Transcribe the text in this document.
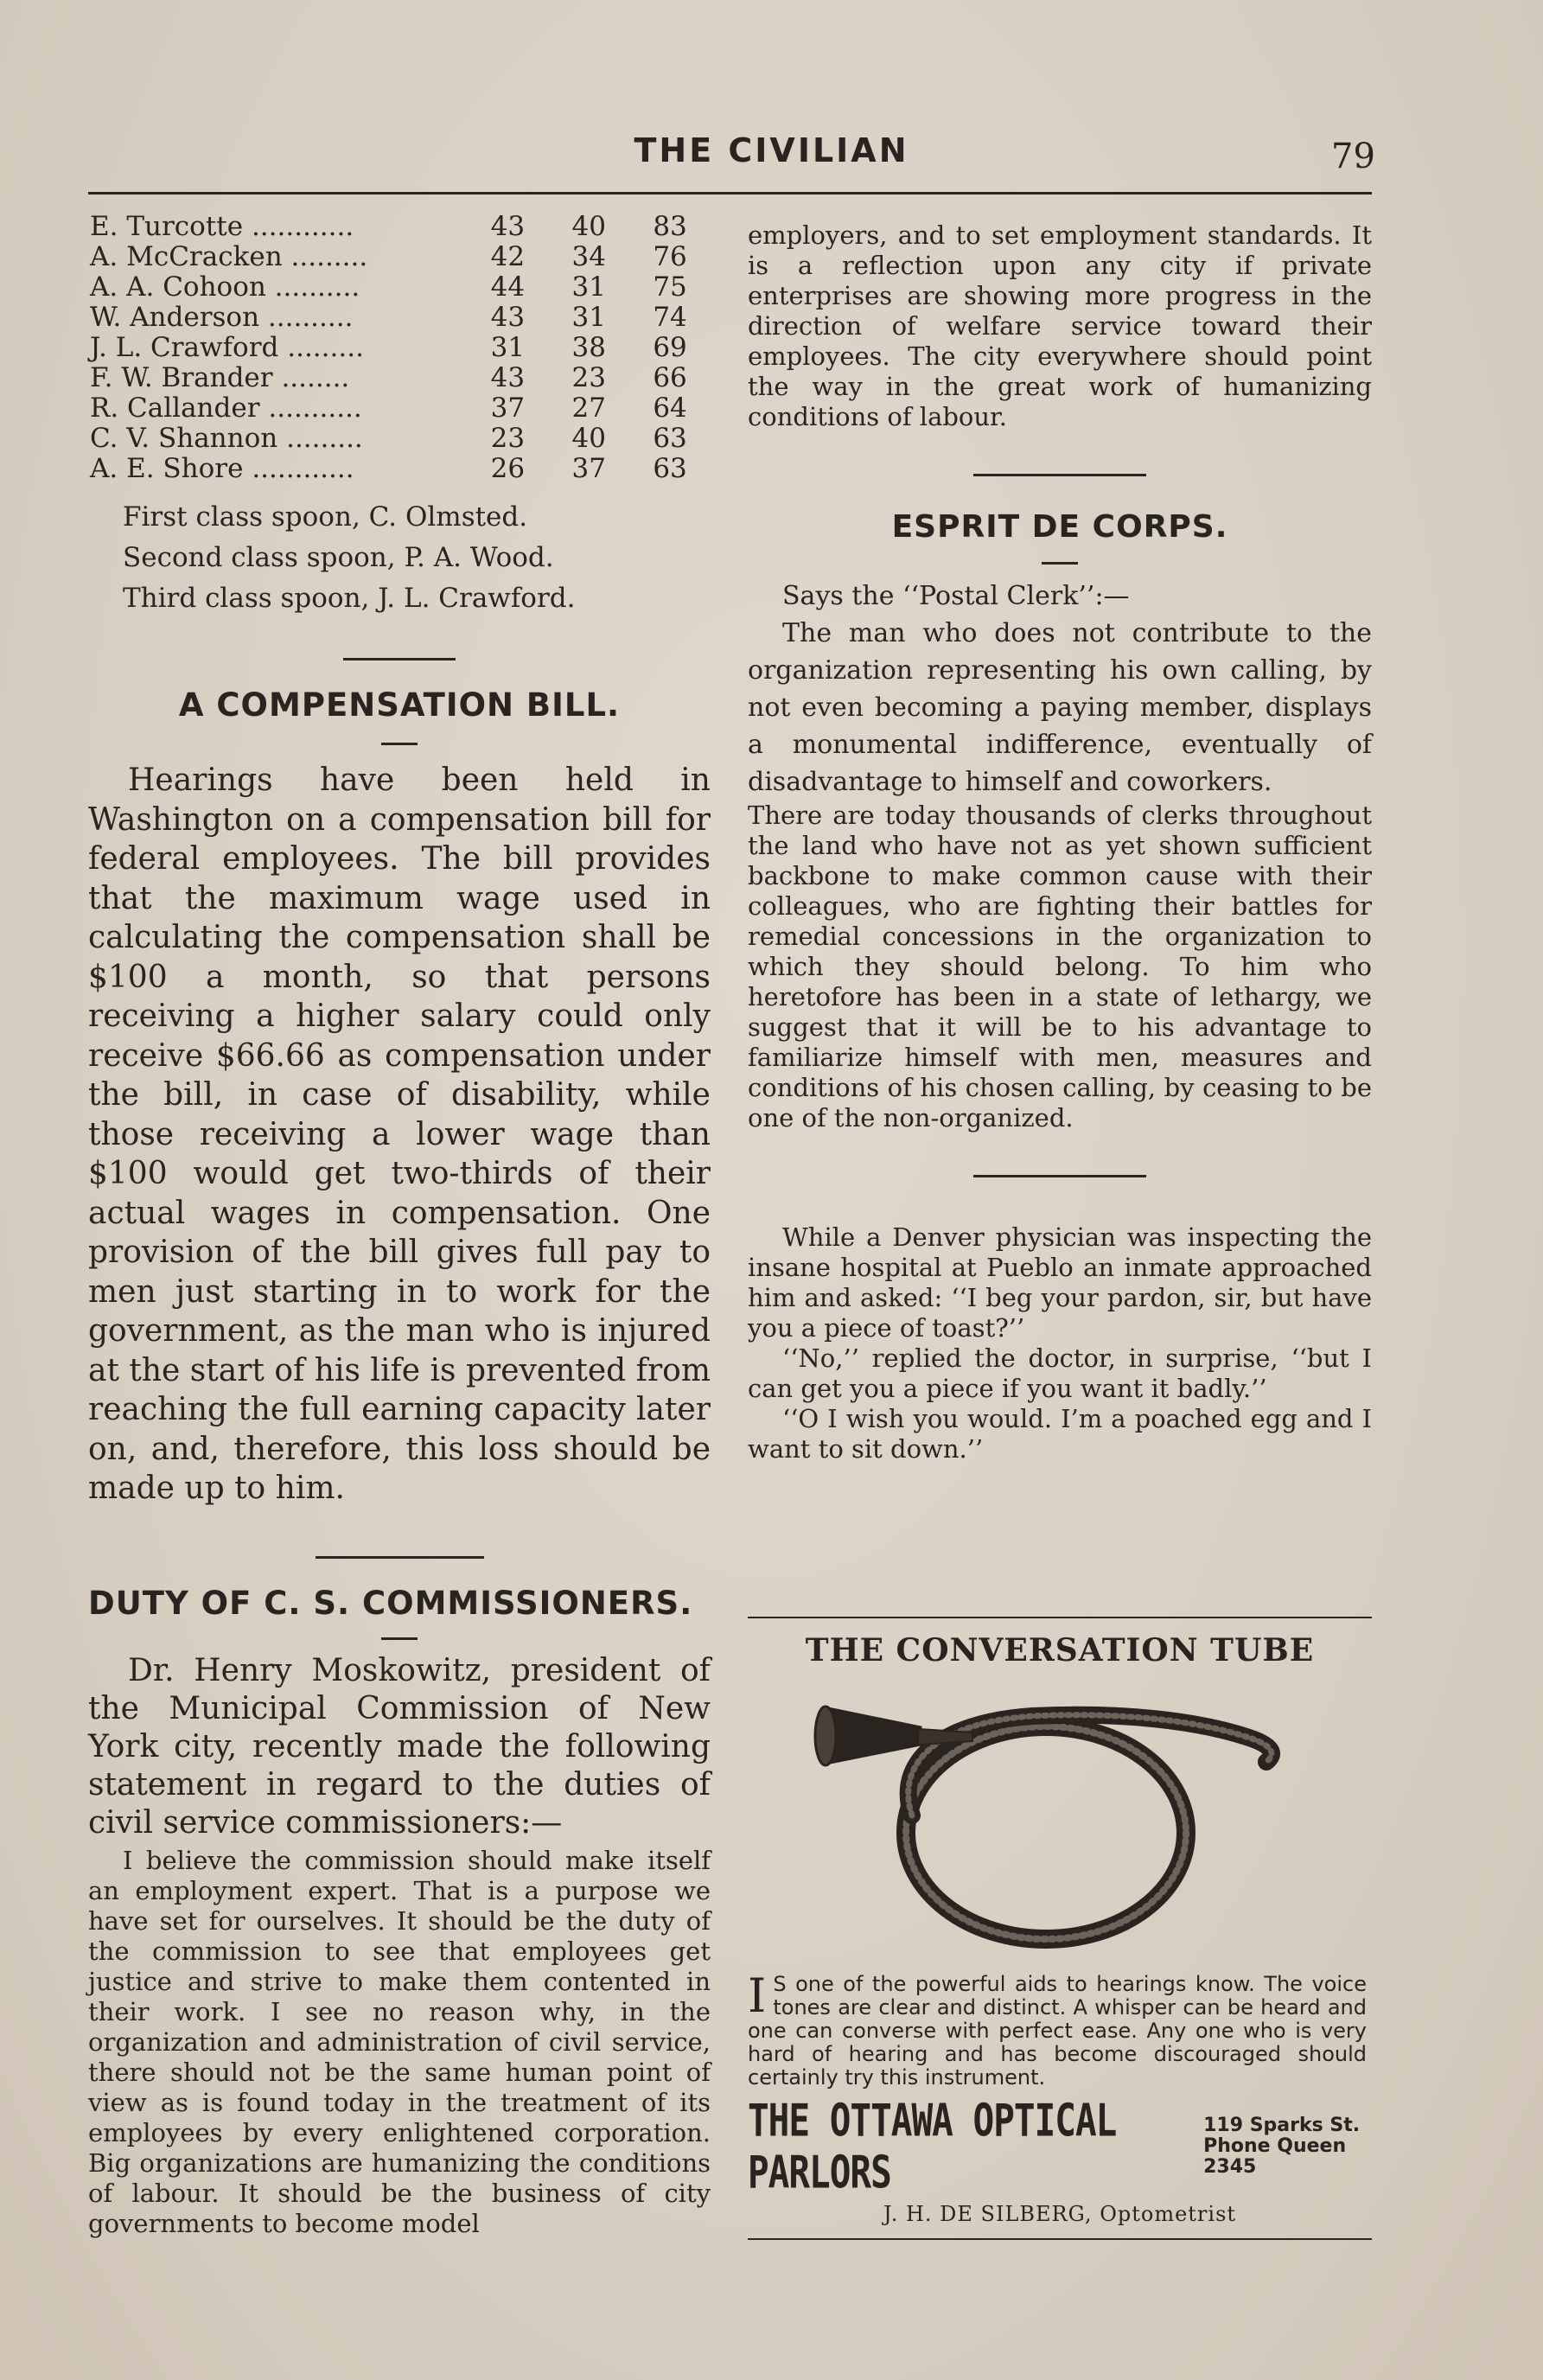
THE CIVILIAN	79
E. Turcotte ............	43	40	83
A. McCracken .........	42	34	76
A. A. Cohoon ..........	44	31	75
W. Anderson ..........	43	31	74
J. L. Crawford .........	31	38	69
F. W. Brander ........	43	23	66
R. Callander ...........	37	27	64
C. V. Shannon .........	23	40	63
A. E. Shore ............	26	37	63
First class spoon, C. Olmsted.
Second class spoon, P. A. Wood.
Third class spoon, J. L. Crawford.
A COMPENSATION BILL.

Hearings have been held in Washington on a compensation bill for federal employees. The bill provides that the maximum wage used in calculating the compensation shall be $100 a month, so that persons receiving a higher salary could only receive $66.66 as compensation under the bill, in case of disability, while those receiving a lower wage than $100 would get two-thirds of their actual wages in compensation. One provision of the bill gives full pay to men just starting in to work for the government, as the man who is injured at the start of his life is prevented from reaching the full earning capacity later on, and, therefore, this loss should be made up to him.

DUTY OF C. S. COMMISSIONERS.

Dr. Henry Moskowitz, president of the Municipal Commission of New York city, recently made the following statement in regard to the duties of civil service commissioners:—

I believe the commission should make itself an employment expert. That is a purpose we have set for ourselves. It should be the duty of the commission to see that employees get justice and strive to make them contented in their work. I see no reason why, in the organization and administration of civil service, there should not be the same human point of view as is found today in the treatment of its employees by every enlightened corporation. Big organizations are humanizing the conditions of labour. It should be the business of city governments to become model

employers, and to set employment standards. It is a reflection upon any city if private enterprises are showing more progress in the direction of welfare service toward their employees. The city everywhere should point the way in the great work of humanizing conditions of labour.

ESPRIT DE CORPS.

Says the ‘‘Postal Clerk’’:—

The man who does not contribute to the organization representing his own calling, by not even becoming a paying member, displays a monumental indifference, eventually of disadvantage to himself and coworkers.

There are today thousands of clerks throughout the land who have not as yet shown sufficient backbone to make common cause with their colleagues, who are fighting their battles for remedial concessions in the organization to which they should belong. To him who heretofore has been in a state of lethargy, we suggest that it will be to his advantage to familiarize himself with men, measures and conditions of his chosen calling, by ceasing to be one of the non-organized.

While a Denver physician was inspecting the insane hospital at Pueblo an inmate approached him and asked: ‘‘I beg your pardon, sir, but have you a piece of toast?’’

‘‘No,’’ replied the doctor, in surprise, ‘‘but I can get you a piece if you want it badly.’’

‘‘O I wish you would. I’m a poached egg and I want to sit down.’’

THE CONVERSATION TUBE
I S one of the powerful aids to hearings know. The voice tones are clear and distinct. A whisper can be heard and one can converse with perfect ease. Any one who is very hard of hearing and has become discouraged should certainly try this instrument.
THE OTTAWA OPTICAL PARLORS
119 Sparks St.
Phone Queen 2345
J. H. DE SILBERG, Optometrist
